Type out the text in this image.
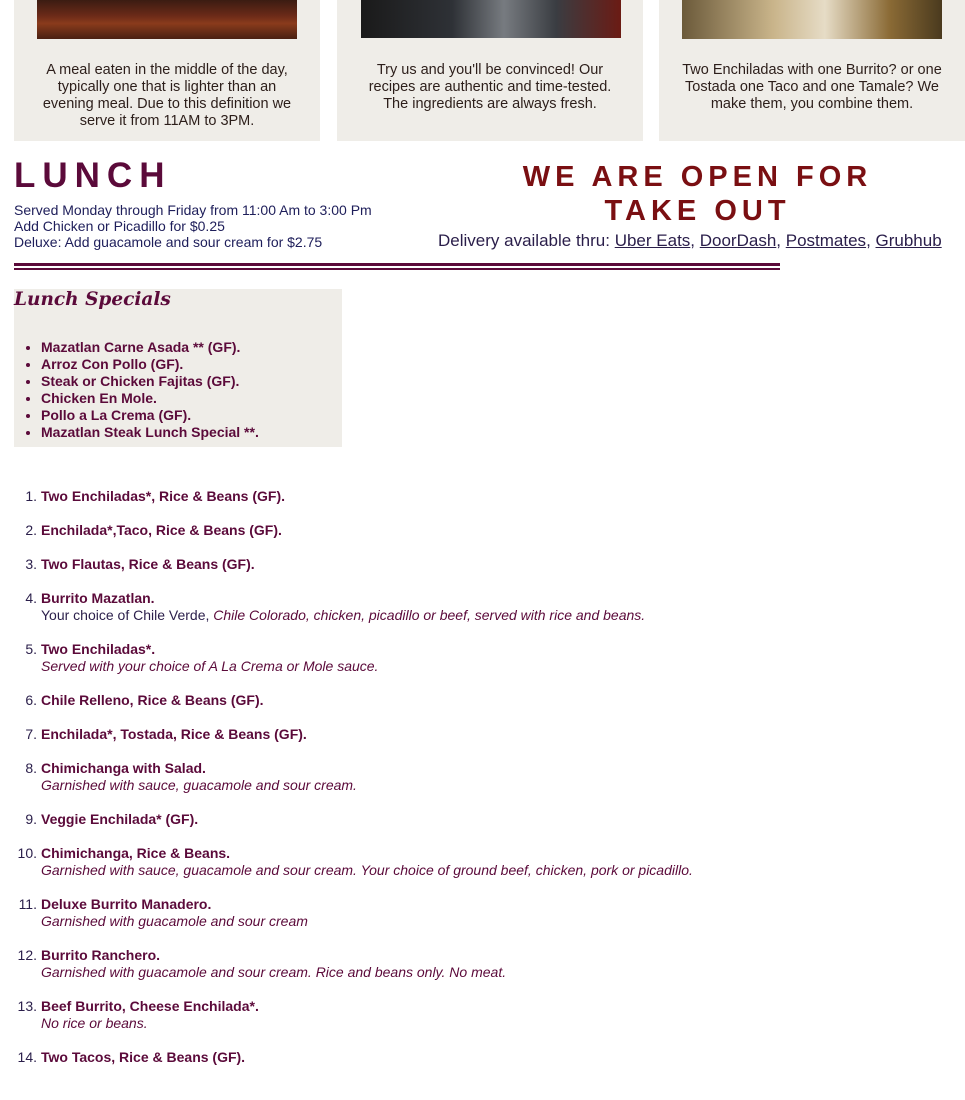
A meal eaten in the middle of the day, typically one that is lighter than an evening meal. Due to this definition we serve it from 11AM to 3PM.

Try us and you'll be convinced! Our recipes are authentic and time-tested. The ingredients are always fresh.

Two Enchiladas with one Burrito? or one Tostada one Taco and one Tamale? We make them, you combine them.

LUNCH
Served Monday through Friday from 11:00 Am to 3:00 Pm
Add Chicken or Picadillo for $0.25
Deluxe: Add guacamole and sour cream for $2.75
WE ARE OPEN FOR
TAKE OUT
Delivery available thru: Uber Eats, DoorDash, Postmates, Grubhub
Lunch Specials
• Mazatlan Carne Asada ** (GF).
• Arroz Con Pollo (GF).
• Steak or Chicken Fajitas (GF).
• Chicken En Mole.
• Pollo a La Crema (GF).
• Mazatlan Steak Lunch Special **.
1. Two Enchiladas*, Rice & Beans (GF).
2. Enchilada*,Taco, Rice & Beans (GF).
3. Two Flautas, Rice & Beans (GF).
4. Burrito Mazatlan.
Your choice of Chile Verde, Chile Colorado, chicken, picadillo or beef, served with rice and beans.
5. Two Enchiladas*.
Served with your choice of A La Crema or Mole sauce.
6. Chile Relleno, Rice & Beans (GF).
7. Enchilada*, Tostada, Rice & Beans (GF).
8. Chimichanga with Salad.
Garnished with sauce, guacamole and sour cream.
9. Veggie Enchilada* (GF).
10. Chimichanga, Rice & Beans.
Garnished with sauce, guacamole and sour cream. Your choice of ground beef, chicken, pork or picadillo.
11. Deluxe Burrito Manadero.
Garnished with guacamole and sour cream
12. Burrito Ranchero.
Garnished with guacamole and sour cream. Rice and beans only. No meat.
13. Beef Burrito, Cheese Enchilada*.
No rice or beans.
14. Two Tacos, Rice & Beans (GF).
